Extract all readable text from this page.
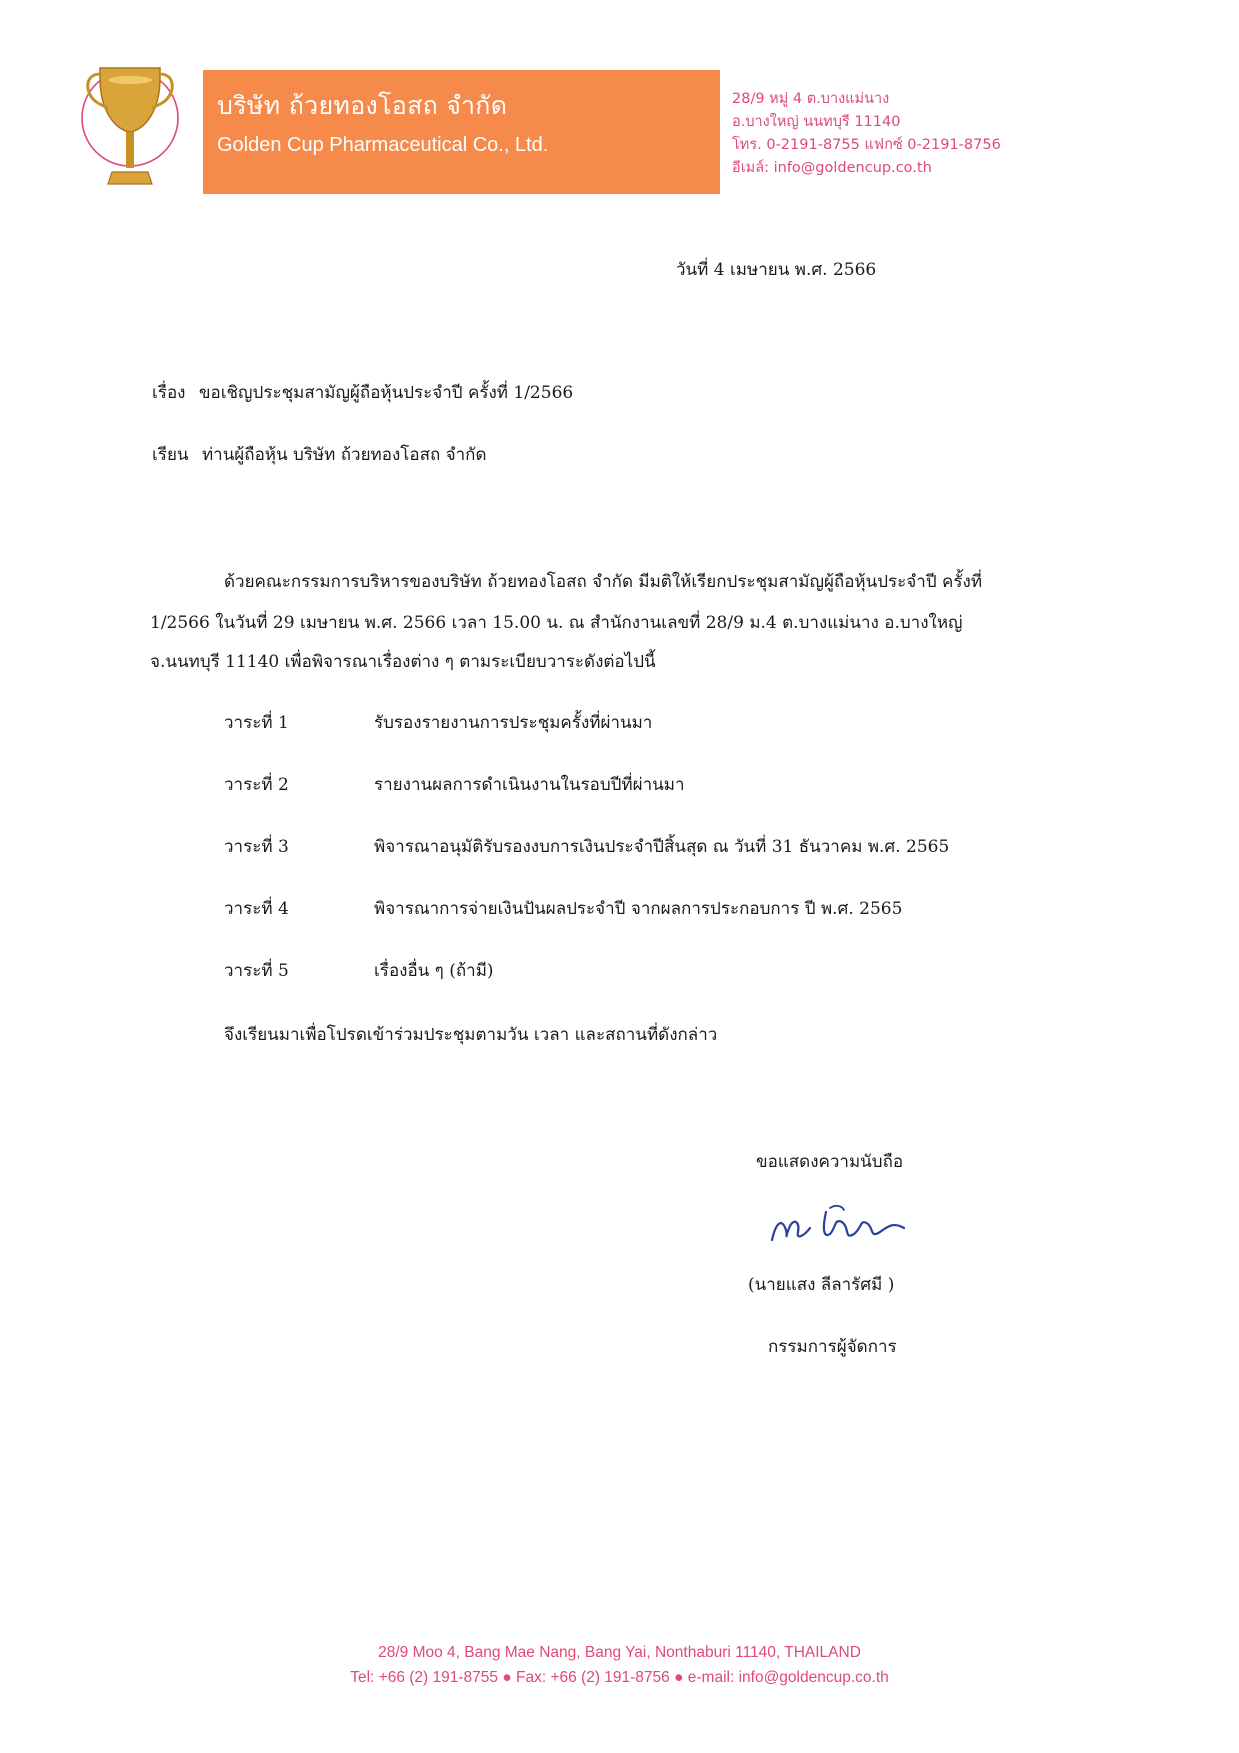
บริษัท ถ้วยทองโอสถ จำกัด
Golden Cup Pharmaceutical Co., Ltd.
28/9 หมู่ 4 ต.บางแม่นาง
อ.บางใหญ่ นนทบุรี 11140
โทร. 0-2191-8755 แฟกซ์ 0-2191-8756
อีเมล์: info@goldencup.co.th
วันที่ 4 เมษายน พ.ศ. 2566
เรื่อง ขอเชิญประชุมสามัญผู้ถือหุ้นประจำปี ครั้งที่ 1/2566
เรียน ท่านผู้ถือหุ้น บริษัท ถ้วยทองโอสถ จำกัด
ด้วยคณะกรรมการบริหารของบริษัท ถ้วยทองโอสถ จำกัด มีมติให้เรียกประชุมสามัญผู้ถือหุ้นประจำปี ครั้งที่
1/2566 ในวันที่ 29 เมษายน พ.ศ. 2566 เวลา 15.00 น. ณ สำนักงานเลขที่ 28/9 ม.4 ต.บางแม่นาง อ.บางใหญ่
จ.นนทบุรี 11140 เพื่อพิจารณาเรื่องต่าง ๆ ตามระเบียบวาระดังต่อไปนี้
วาระที่ 1	รับรองรายงานการประชุมครั้งที่ผ่านมา
วาระที่ 2	รายงานผลการดำเนินงานในรอบปีที่ผ่านมา
วาระที่ 3	พิจารณาอนุมัติรับรองงบการเงินประจำปีสิ้นสุด ณ วันที่ 31 ธันวาคม พ.ศ. 2565
วาระที่ 4	พิจารณาการจ่ายเงินปันผลประจำปี จากผลการประกอบการ ปี พ.ศ. 2565
วาระที่ 5	เรื่องอื่น ๆ (ถ้ามี)
จึงเรียนมาเพื่อโปรดเข้าร่วมประชุมตามวัน เวลา และสถานที่ดังกล่าว
ขอแสดงความนับถือ
(นายแสง ลีลารัศมี )
กรรมการผู้จัดการ
28/9 Moo 4, Bang Mae Nang, Bang Yai, Nonthaburi 11140, THAILAND
Tel: +66 (2) 191-8755 ● Fax: +66 (2) 191-8756 ● e-mail: info@goldencup.co.th
